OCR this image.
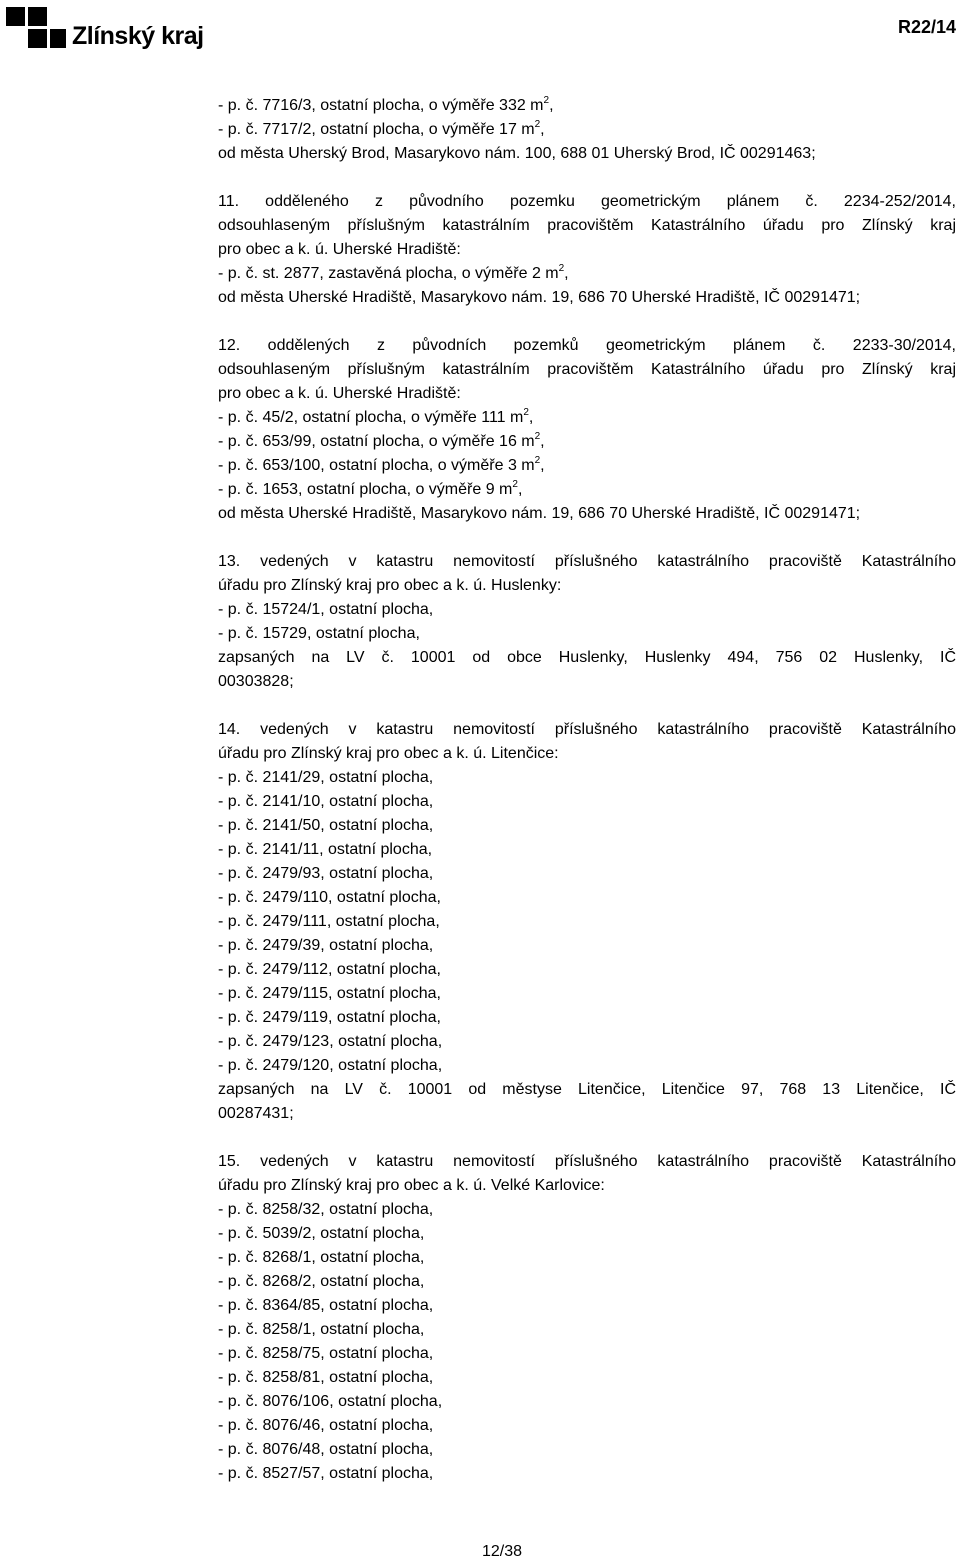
Zlínský kraj	R22/14
- p. č. 7716/3, ostatní plocha, o výměře 332 $m^2$,
- p. č. 7717/2, ostatní plocha, o výměře 17 $m^2$,
od města Uherský Brod, Masarykovo nám. 100, 688 01 Uherský Brod, IČ 00291463;
11. odděleného z původního pozemku geometrickým plánem č. 2234-252/2014,
odsouhlaseným příslušným katastrálním pracovištěm Katastrálního úřadu pro Zlínský kraj
pro obec a k. ú. Uherské Hradiště:
- p. č. st. 2877, zastavěná plocha, o výměře 2 $m^2$,
od města Uherské Hradiště, Masarykovo nám. 19, 686 70 Uherské Hradiště, IČ 00291471;
12. oddělených z původních pozemků geometrickým plánem č. 2233-30/2014,
odsouhlaseným příslušným katastrálním pracovištěm Katastrálního úřadu pro Zlínský kraj
pro obec a k. ú. Uherské Hradiště:
- p. č. 45/2, ostatní plocha, o výměře 111 $m^2$,
- p. č. 653/99, ostatní plocha, o výměře 16 $m^2$,
- p. č. 653/100, ostatní plocha, o výměře 3 $m^2$,
- p. č. 1653, ostatní plocha, o výměře 9 $m^2$,
od města Uherské Hradiště, Masarykovo nám. 19, 686 70 Uherské Hradiště, IČ 00291471;
13. vedených v katastru nemovitostí příslušného katastrálního pracoviště Katastrálního
úřadu pro Zlínský kraj pro obec a k. ú. Huslenky:
- p. č. 15724/1, ostatní plocha,
- p. č. 15729, ostatní plocha,
zapsaných na LV č. 10001 od obce Huslenky, Huslenky 494, 756 02 Huslenky, IČ
00303828;
14. vedených v katastru nemovitostí příslušného katastrálního pracoviště Katastrálního
úřadu pro Zlínský kraj pro obec a k. ú. Litenčice:
- p. č. 2141/29, ostatní plocha,
- p. č. 2141/10, ostatní plocha,
- p. č. 2141/50, ostatní plocha,
- p. č. 2141/11, ostatní plocha,
- p. č. 2479/93, ostatní plocha,
- p. č. 2479/110, ostatní plocha,
- p. č. 2479/111, ostatní plocha,
- p. č. 2479/39, ostatní plocha,
- p. č. 2479/112, ostatní plocha,
- p. č. 2479/115, ostatní plocha,
- p. č. 2479/119, ostatní plocha,
- p. č. 2479/123, ostatní plocha,
- p. č. 2479/120, ostatní plocha,
zapsaných na LV č. 10001 od městyse Litenčice, Litenčice 97, 768 13 Litenčice, IČ
00287431;
15. vedených v katastru nemovitostí příslušného katastrálního pracoviště Katastrálního
úřadu pro Zlínský kraj pro obec a k. ú. Velké Karlovice:
- p. č. 8258/32, ostatní plocha,
- p. č. 5039/2, ostatní plocha,
- p. č. 8268/1, ostatní plocha,
- p. č. 8268/2, ostatní plocha,
- p. č. 8364/85, ostatní plocha,
- p. č. 8258/1, ostatní plocha,
- p. č. 8258/75, ostatní plocha,
- p. č. 8258/81, ostatní plocha,
- p. č. 8076/106, ostatní plocha,
- p. č. 8076/46, ostatní plocha,
- p. č. 8076/48, ostatní plocha,
- p. č. 8527/57, ostatní plocha,
12/38
